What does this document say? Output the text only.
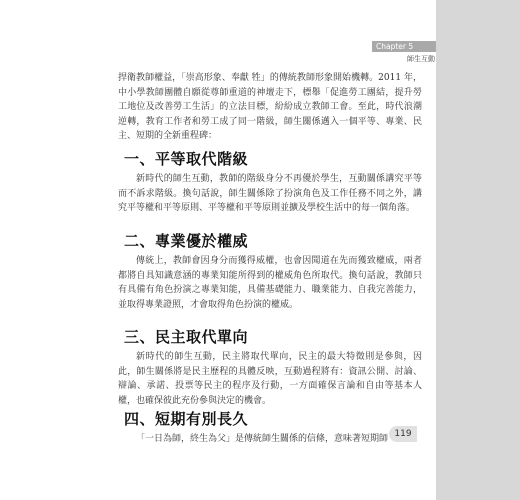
Chapter 5
師生互動

捍衛教師權益，「崇高形象、奉獻 牲」的傳統教師形象開始機轉。2011 年，中小學教師團體自願從尊師重道的神壇走下，標舉「促進勞工團結，提升勞工地位及改善勞工生活」的立法目標，紛紛成立教師工會。至此，時代浪潮逆轉，教育工作者和勞工成了同一階級，師生關係邁入一個平等、專業、民主、短期的全新重程碑：

一、平等取代階級

新時代的師生互動，教師的階級身分不再優於學生，互動關係講究平等而不訴求階級。換句話說，師生關係除了扮演角色及工作任務不同之外，講究平等權和平等原則、平等權和平等原則並擴及學校生活中的每一個角落。

二、專業優於權威

傳統上，教師會因身分而獲得威權，也會因聞道在先而獲致權威，兩者都將自具知識意涵的專業知能所得到的權威角色所取代。換句話說，教師只有具備有角色扮演之專業知能，具備基礎能力、職業能力、自我完善能力，並取得專業證照，才會取得角色扮演的權威。

三、民主取代單向

新時代的師生互動，民主將取代單向，民主的最大特徵則是參與，因此，師生關係將是民主歷程的具體反映，互動過程將有：資訊公開、討論、辯論、承諾、投票等民主的程序及行動，一方面確保言論和自由等基本人權，也確保彼此充份參與決定的機會。

四、短期有別長久

「一日為師，終生為父」是傳統師生關係的信條，意味著短期師 119
